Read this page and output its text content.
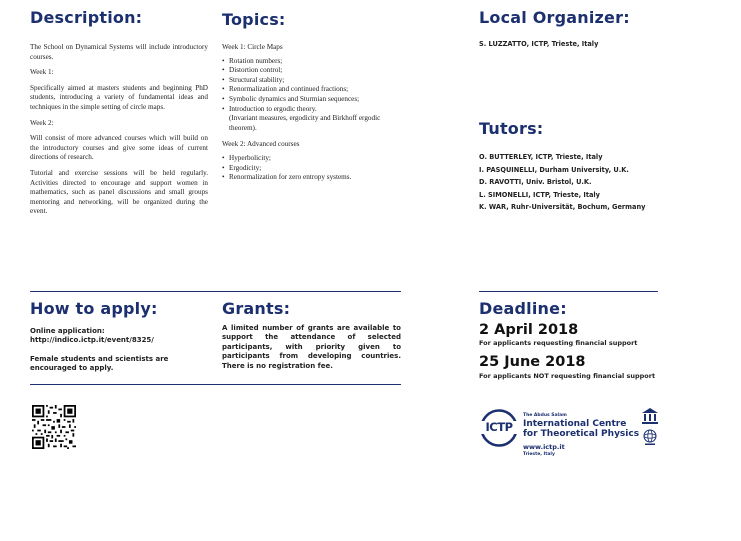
Description:

The School on Dynamical Systems will include introductory courses.

Week 1:

Specifically aimed at masters students and beginning PhD students, introducing a variety of fundamental ideas and techniques in the simple setting of circle maps.

Week 2:

Will consist of more advanced courses which will build on the introductory courses and give some ideas of current directions of research.

Tutorial and exercise sessions will be held regularly. Activities directed to encourage and support women in mathematics, such as panel discussions and small groups mentoring and networking, will be organized during the event.

Topics:
Week 1: Circle Maps
• Rotation numbers;
• Distortion control;
• Structural stability;
• Renormalization and continued fractions;
• Symbolic dynamics and Sturmian sequences;
• Introduction to ergodic theory.
(Invariant measures, ergodicity and Birkhoff ergodic theorem).
Week 2: Advanced courses
• Hyperbolicity;
• Ergodicity;
• Renormalization for zero entropy systems.
Local Organizer:
S. LUZZATTO, ICTP, Trieste, Italy
Tutors:
O. BUTTERLEY, ICTP, Trieste, Italy
I. PASQUINELLI, Durham University, U.K.
D. RAVOTTI, Univ. Bristol, U.K.
L. SIMONELLI, ICTP, Trieste, Italy
K. WAR, Ruhr-Universität, Bochum, Germany
How to apply:
Online application:
http://indico.ictp.it/event/8325/
Female students and scientists are encouraged to apply.
Grants:
A limited number of grants are available to support the attendance of selected participants, with priority given to participants from developing countries. There is no registration fee.
Deadline:
2 April 2018
For applicants requesting financial support
25 June 2018
For applicants NOT requesting financial support
ICTP
The Abdus Salam
International Centre
for Theoretical Physics
www.ictp.it
Trieste, Italy
